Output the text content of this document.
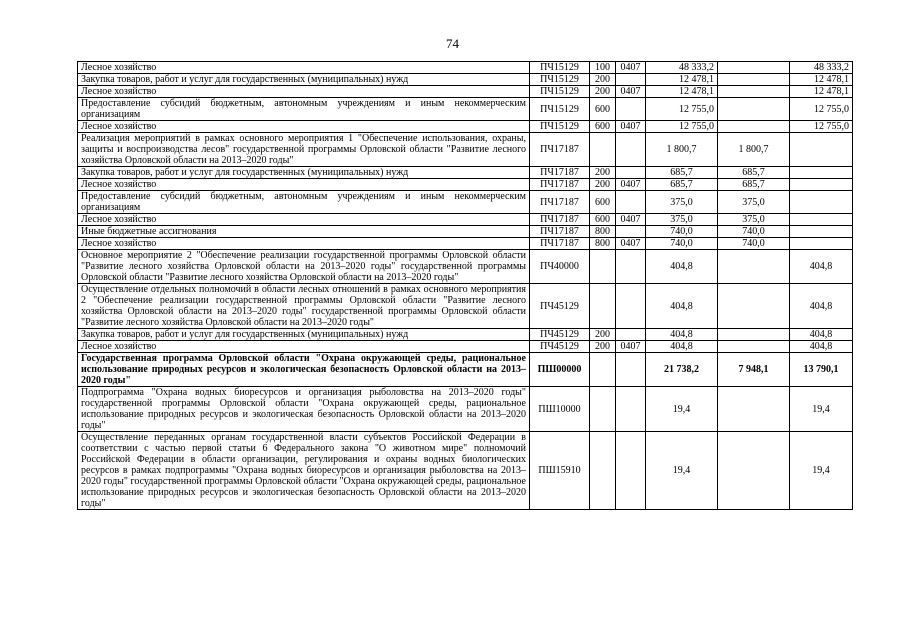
74
Лесное хозяйство	ПЧ15129	100	0407	48 333,2		48 333,2
Закупка товаров, работ и услуг для государственных (муниципальных) нужд	ПЧ15129	200		12 478,1		12 478,1
Лесное хозяйство	ПЧ15129	200	0407	12 478,1		12 478,1
Предоставление субсидий бюджетным, автономным учреждениям и иным некоммерческим организациям	ПЧ15129	600		12 755,0		12 755,0
Лесное хозяйство	ПЧ15129	600	0407	12 755,0		12 755,0
Реализация мероприятий в рамках основного мероприятия 1 "Обеспечение использования, охраны, защиты и воспроизводства лесов" государственной программы Орловской области "Развитие лесного хозяйства Орловской области на 2013–2020 годы"	ПЧ17187			1 800,7	1 800,7	
Закупка товаров, работ и услуг для государственных (муниципальных) нужд	ПЧ17187	200		685,7	685,7	
Лесное хозяйство	ПЧ17187	200	0407	685,7	685,7	
Предоставление субсидий бюджетным, автономным учреждениям и иным некоммерческим организациям	ПЧ17187	600		375,0	375,0	
Лесное хозяйство	ПЧ17187	600	0407	375,0	375,0	
Иные бюджетные ассигнования	ПЧ17187	800		740,0	740,0	
Лесное хозяйство	ПЧ17187	800	0407	740,0	740,0	
Основное мероприятие 2 "Обеспечение реализации государственной программы Орловской области "Развитие лесного хозяйства Орловской области на 2013–2020 годы" государственной программы Орловской области "Развитие лесного хозяйства Орловской области на 2013–2020 годы"	ПЧ40000			404,8		404,8
Осуществление отдельных полномочий в области лесных отношений в рамках основного мероприятия 2 "Обеспечение реализации государственной программы Орловской области "Развитие лесного хозяйства Орловской области на 2013–2020 годы" государственной программы Орловской области "Развитие лесного хозяйства Орловской области на 2013–2020 годы"	ПЧ45129			404,8		404,8
Закупка товаров, работ и услуг для государственных (муниципальных) нужд	ПЧ45129	200		404,8		404,8
Лесное хозяйство	ПЧ45129	200	0407	404,8		404,8
Государственная программа Орловской области "Охрана окружающей среды, рациональное использование природных ресурсов и экологическая безопасность Орловской области на 2013–2020 годы"	ПШ00000			21 738,2	7 948,1	13 790,1
Подпрограмма "Охрана водных биоресурсов и организация рыболовства на 2013–2020 годы" государственной программы Орловской области "Охрана окружающей среды, рациональное использование природных ресурсов и экологическая безопасность Орловской области на 2013–2020 годы"	ПШ10000			19,4		19,4
Осуществление переданных органам государственной власти субъектов Российской Федерации в соответствии с частью первой статьи 6 Федерального закона "О животном мире" полномочий Российской Федерации в области организации, регулирования и охраны водных биологических ресурсов в рамках подпрограммы "Охрана водных биоресурсов и организация рыболовства на 2013–2020 годы" государственной программы Орловской области "Охрана окружающей среды, рациональное использование природных ресурсов и экологическая безопасность Орловской области на 2013–2020 годы"	ПШ15910			19,4		19,4
